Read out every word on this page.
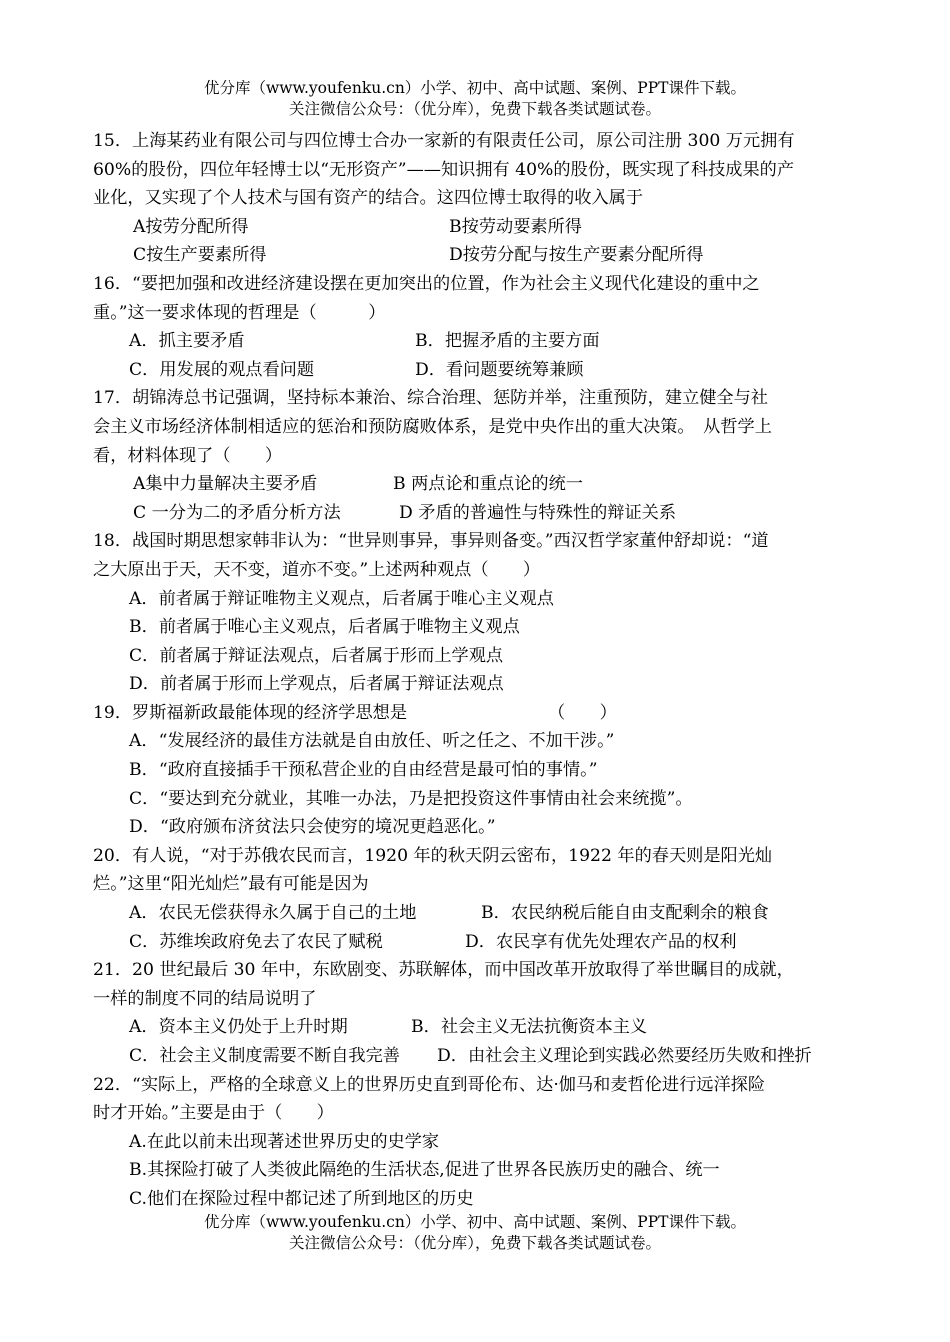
优分库（www.youfenku.cn）小学、初中、高中试题、案例、PPT课件下载。
关注微信公众号：（优分库），免费下载各类试题试卷。
15．上海某药业有限公司与四位博士合办一家新的有限责任公司，原公司注册 300 万元拥有
60%的股份，四位年轻博士以“无形资产”——知识拥有 40%的股份，既实现了科技成果的产
业化，又实现了个人技术与国有资产的结合。这四位博士取得的收入属于
A按劳分配所得	B按劳动要素所得
C按生产要素所得	D按劳分配与按生产要素分配所得
16．“要把加强和改进经济建设摆在更加突出的位置，作为社会主义现代化建设的重中之
重。”这一要求体现的哲理是（　　　）
A．抓主要矛盾	B．把握矛盾的主要方面
C．用发展的观点看问题	D．看问题要统筹兼顾
17．胡锦涛总书记强调，坚持标本兼治、综合治理、惩防并举，注重预防，建立健全与社
会主义市场经济体制相适应的惩治和预防腐败体系，是党中央作出的重大决策。　从哲学上
看，材料体现了（　　）
A集中力量解决主要矛盾	B 两点论和重点论的统一
C 一分为二的矛盾分析方法	D 矛盾的普遍性与特殊性的辩证关系
18．战国时期思想家韩非认为：“世异则事异，事异则备变。”西汉哲学家董仲舒却说：“道
之大原出于天，天不变，道亦不变。”上述两种观点（　　）
A．前者属于辩证唯物主义观点，后者属于唯心主义观点
B．前者属于唯心主义观点，后者属于唯物主义观点
C．前者属于辩证法观点，后者属于形而上学观点
D．前者属于形而上学观点，后者属于辩证法观点
19．罗斯福新政最能体现的经济学思想是	（　　）
A．“发展经济的最佳方法就是自由放任、听之任之、不加干涉。”
B．“政府直接插手干预私营企业的自由经营是最可怕的事情。”
C．“要达到充分就业，其唯一办法，乃是把投资这件事情由社会来统揽”。
D．“政府颁布济贫法只会使穷的境况更趋恶化。”
20．有人说，“对于苏俄农民而言，1920 年的秋天阴云密布，1922 年的春天则是阳光灿
烂。”这里“阳光灿烂”最有可能是因为
A．农民无偿获得永久属于自己的土地	B．农民纳税后能自由支配剩余的粮食
C．苏维埃政府免去了农民了赋税	D．农民享有优先处理农产品的权利
21．20 世纪最后 30 年中，东欧剧变、苏联解体，而中国改革开放取得了举世瞩目的成就，
一样的制度不同的结局说明了
A．资本主义仍处于上升时期	B．社会主义无法抗衡资本主义
C．社会主义制度需要不断自我完善 D．由社会主义理论到实践必然要经历失败和挫折
22．“实际上，严格的全球意义上的世界历史直到哥伦布、达·伽马和麦哲伦进行远洋探险
时才开始。”主要是由于（　　）
A.在此以前未出现著述世界历史的史学家
B.其探险打破了人类彼此隔绝的生活状态,促进了世界各民族历史的融合、统一
C.他们在探险过程中都记述了所到地区的历史
优分库（www.youfenku.cn）小学、初中、高中试题、案例、PPT课件下载。
关注微信公众号：（优分库），免费下载各类试题试卷。
